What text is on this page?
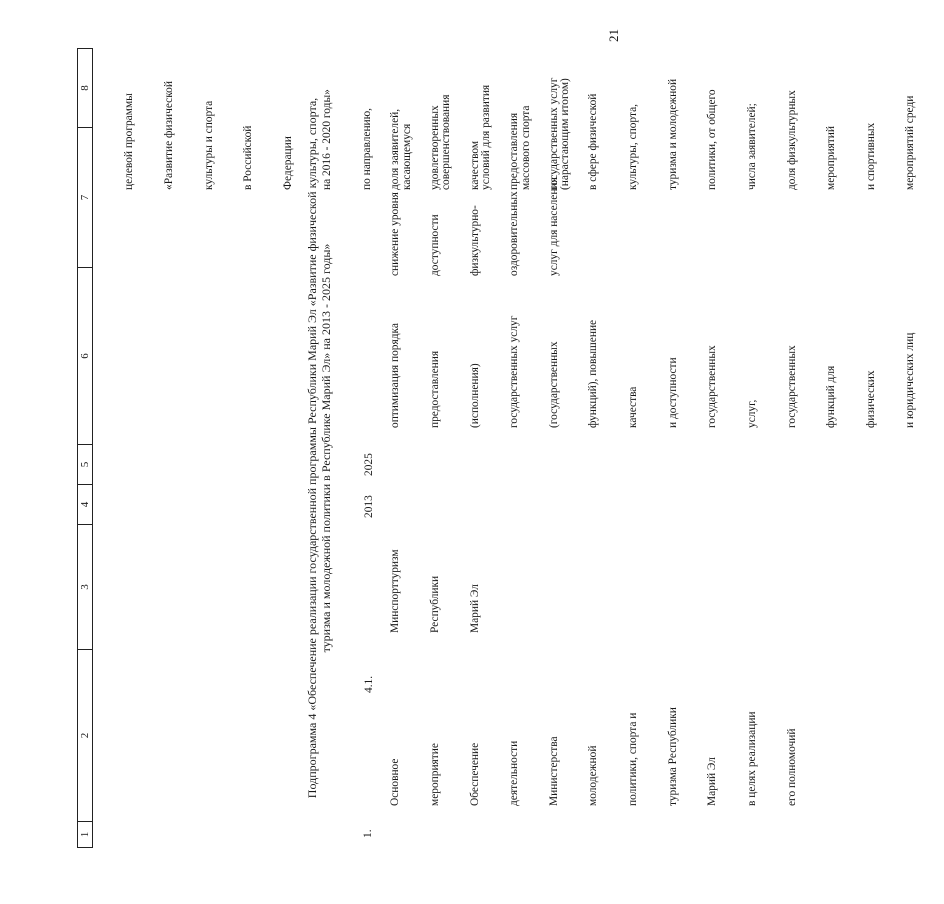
21
1
2
3
4
5
6
7
8

целевой программы

«Развитие физической

культуры и спорта

в Российской

Федерации

на 2016 - 2020 годы»

по направлению,

касающемуся

совершенствования

условий для развития

массового спорта

(нарастающим итогом)

Подпрограмма 4 «Обеспечение реализации государственной программы Республики Марий Эл «Развитие физической культуры, спорта, туризма и молодежной политики в Республике Марий Эл» на 2013 - 2025 годы»
1.

Основное

мероприятие

Обеспечение

деятельности

Министерства

молодежной

политики, спорта и

туризма Республики

Марий Эл

в целях реализации

его полномочий

4.1.

Минспорттуризм

Республики

Марий Эл

2013
2025

оптимизация порядка

предоставления

(исполнения)

государственных услуг

(государственных

функций), повышение

качества

и доступности

государственных

услуг,

государственных

функций для

физических

и юридических лиц

снижение уровня

доступности

физкультурно-

оздоровительных

услуг для населения

доля заявителей,

удовлетворенных

качеством

предоставления

государственных услуг

в сфере физической

культуры, спорта,

туризма и молодежной

политики, от общего

числа заявителей;

доля физкультурных

мероприятий

и спортивных

мероприятий среди
